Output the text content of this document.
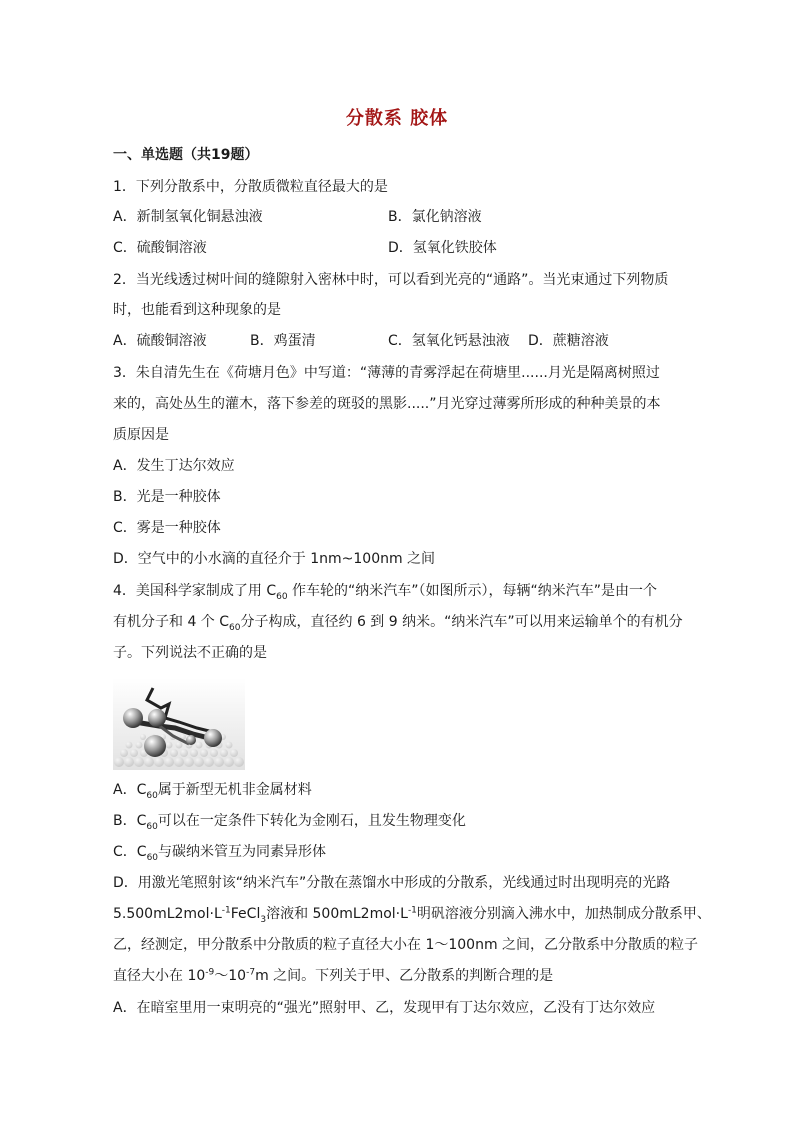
分散系 胶体
一、单选题（共19题）
1．下列分散系中，分散质微粒直径最大的是
A．新制氢氧化铜悬浊液	B．氯化钠溶液
C．硫酸铜溶液	D．氢氧化铁胶体
2．当光线透过树叶间的缝隙射入密林中时，可以看到光亮的“通路”。当光束通过下列物质
时，也能看到这种现象的是
A．硫酸铜溶液	B．鸡蛋清	C．氢氧化钙悬浊液 D．蔗糖溶液
3．朱自清先生在《荷塘月色》中写道：“薄薄的青雾浮起在荷塘里......月光是隔离树照过
来的，高处丛生的灌木，落下参差的斑驳的黑影.....”月光穿过薄雾所形成的种种美景的本
质原因是
A．发生丁达尔效应
B．光是一种胶体
C．雾是一种胶体
D．空气中的小水滴的直径介于 1nm~100nm 之间
4．美国科学家制成了用 $C_{60}$ 作车轮的“纳米汽车”（如图所示），每辆“纳米汽车”是由一个
有机分子和 4 个 $C_{60}$分子构成，直径约 6 到 9 纳米。“纳米汽车”可以用来运输单个的有机分
子。下列说法不正确的是
A．$C_{60}$属于新型无机非金属材料
B．$C_{60}$可以在一定条件下转化为金刚石，且发生物理变化
C．$C_{60}$与碳纳米管互为同素异形体
D．用激光笔照射该“纳米汽车”分散在蒸馏水中形成的分散系，光线通过时出现明亮的光路
$5.500mL2mol\cdot L^{-1}FeCl_3$溶液和 $500mL2mol\cdot L^{-1}$明矾溶液分别滴入沸水中，加热制成分散系甲、
乙，经测定，甲分散系中分散质的粒子直径大小在 1～100nm 之间，乙分散系中分散质的粒子
直径大小在 $10^{-9}\sim 10^{-7}m$ 之间。下列关于甲、乙分散系的判断合理的是
A．在暗室里用一束明亮的“强光”照射甲、乙，发现甲有丁达尔效应，乙没有丁达尔效应
